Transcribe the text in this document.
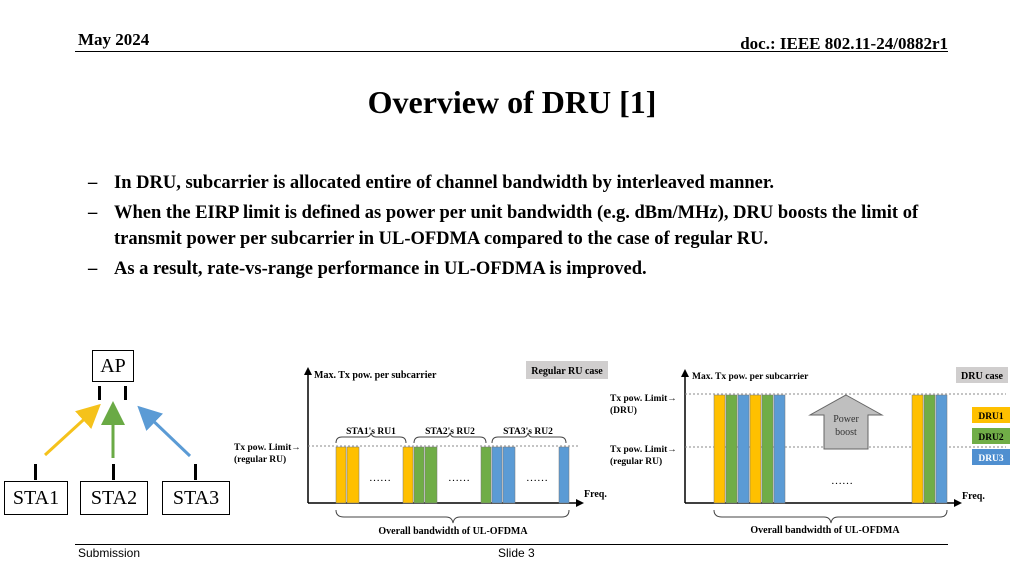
May 2024	doc.: IEEE 802.11-24/0882r1
Overview of DRU [1]
– In DRU, subcarrier is allocated entire of channel bandwidth by interleaved manner.
– When the EIRP limit is defined as power per unit bandwidth (e.g. dBm/MHz), DRU boosts the limit of transmit power per subcarrier in UL-OFDMA compared to the case of regular RU.
– As a result, rate-vs-range performance in UL-OFDMA is improved.
AP
STA1	STA2	STA3
Regular RU case
Max. Tx pow. per subcarrier
Tx pow. Limit→
(regular RU)
STA1's RU1	STA2's RU2	STA3's RU2
……	……	……
Freq.
Overall bandwidth of UL-OFDMA
DRU case
Max. Tx pow. per subcarrier
Tx pow. Limit→
(DRU)
Tx pow. Limit→
(regular RU)
Power
boost
……
Freq.
DRU1
DRU2
DRU3
Overall bandwidth of UL-OFDMA
Submission	Slide 3
